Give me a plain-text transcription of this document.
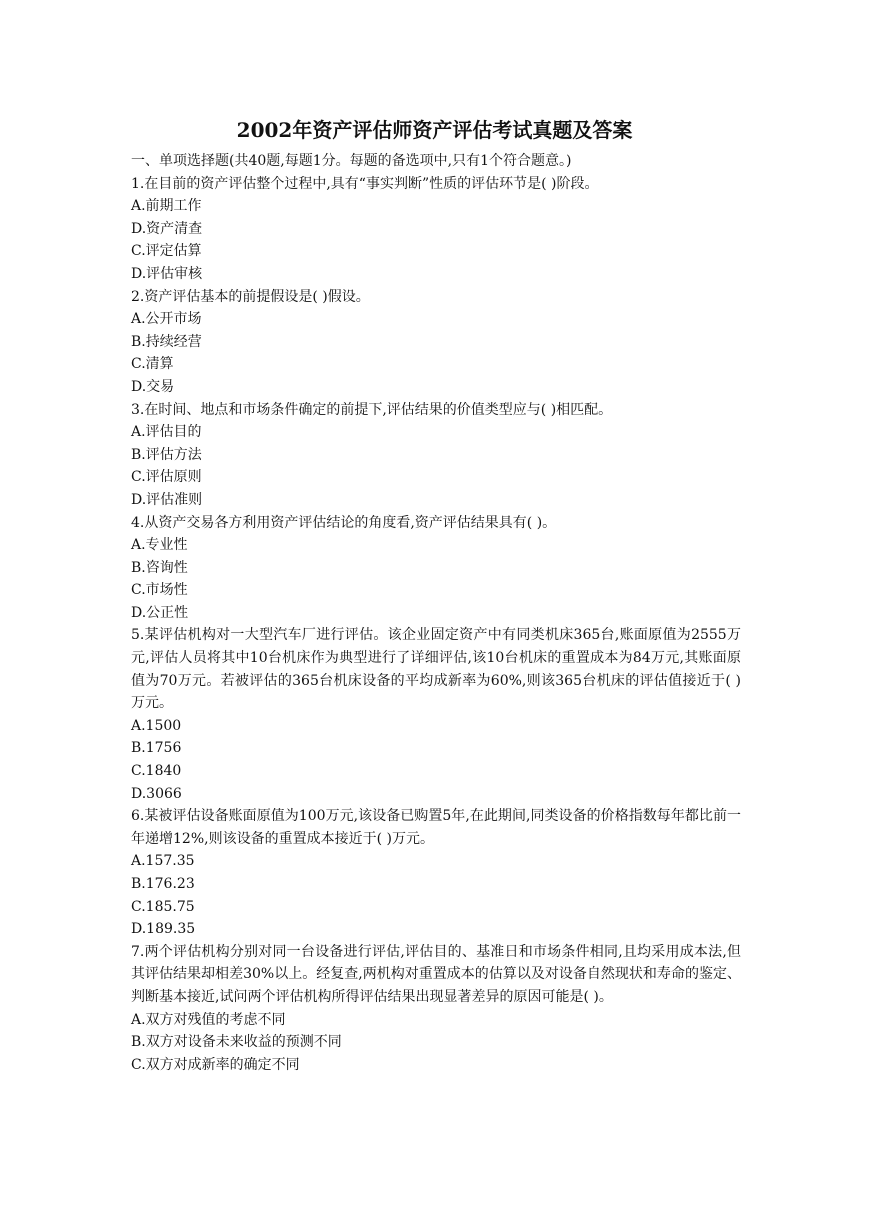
2002年资产评估师资产评估考试真题及答案
一、单项选择题(共40题,每题1分。每题的备选项中,只有1个符合题意。)
1.在目前的资产评估整个过程中,具有“事实判断”性质的评估环节是( )阶段。
A.前期工作
D.资产清查
C.评定估算
D.评估审核
2.资产评估基本的前提假设是( )假设。
A.公开市场
B.持续经营
C.清算
D.交易
3.在时间、地点和市场条件确定的前提下,评估结果的价值类型应与( )相匹配。
A.评估目的
B.评估方法
C.评估原则
D.评估准则
4.从资产交易各方利用资产评估结论的角度看,资产评估结果具有( )。
A.专业性
B.咨询性
C.市场性
D.公正性
5.某评估机构对一大型汽车厂进行评估。该企业固定资产中有同类机床365台,账面原值为2555万元,评估人员将其中10台机床作为典型进行了详细评估,该10台机床的重置成本为84万元,其账面原值为70万元。若被评估的365台机床设备的平均成新率为60%,则该365台机床的评估值接近于( )万元。
A.1500
B.1756
C.1840
D.3066
6.某被评估设备账面原值为100万元,该设备已购置5年,在此期间,同类设备的价格指数每年都比前一年递增12%,则该设备的重置成本接近于( )万元。
A.157.35
B.176.23
C.185.75
D.189.35
7.两个评估机构分别对同一台设备进行评估,评估目的、基准日和市场条件相同,且均采用成本法,但其评估结果却相差30%以上。经复查,两机构对重置成本的估算以及对设备自然现状和寿命的鉴定、判断基本接近,试问两个评估机构所得评估结果出现显著差异的原因可能是( )。
A.双方对残值的考虑不同
B.双方对设备未来收益的预测不同
C.双方对成新率的确定不同
